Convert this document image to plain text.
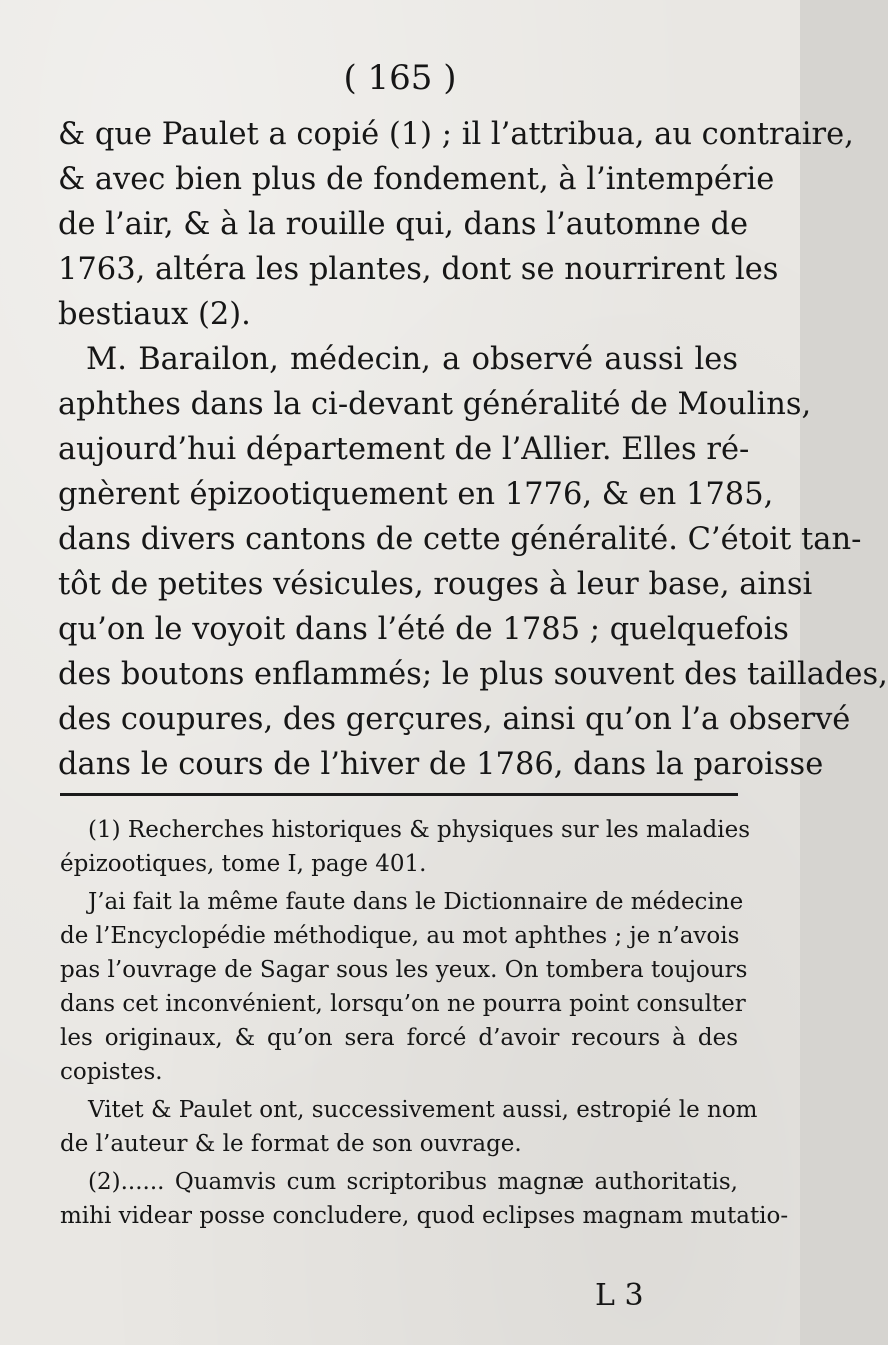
( 165 )
& que Paulet a copié (1) ; il l’attribua, au contraire,
& avec bien plus de fondement, à l’intempérie
de l’air, & à la rouille qui, dans l’automne de
1763, altéra les plantes, dont se nourrirent les
bestiaux (2).
M. Barailon, médecin, a observé aussi les
aphthes dans la ci-devant généralité de Moulins,
aujourd’hui département de l’Allier. Elles ré-
gnèrent épizootiquement en 1776, & en 1785,
dans divers cantons de cette généralité. C’étoit tan-
tôt de petites vésicules, rouges à leur base, ainsi
qu’on le voyoit dans l’été de 1785 ; quelquefois
des boutons enflammés; le plus souvent des taillades,
des coupures, des gerçures, ainsi qu’on l’a observé
dans le cours de l’hiver de 1786, dans la paroisse
(1) Recherches historiques & physiques sur les maladies
épizootiques, tome I, page 401.
J’ai fait la même faute dans le Dictionnaire de médecine
de l’Encyclopédie méthodique, au mot aphthes ; je n’avois
pas l’ouvrage de Sagar sous les yeux. On tombera toujours
dans cet inconvénient, lorsqu’on ne pourra point consulter
les originaux, & qu’on sera forcé d’avoir recours à des
copistes.
Vitet & Paulet ont, successivement aussi, estropié le nom
de l’auteur & le format de son ouvrage.
(2)...... Quamvis cum scriptoribus magnæ authoritatis,
mihi videar posse concludere, quod eclipses magnam mutatio-
L 3
